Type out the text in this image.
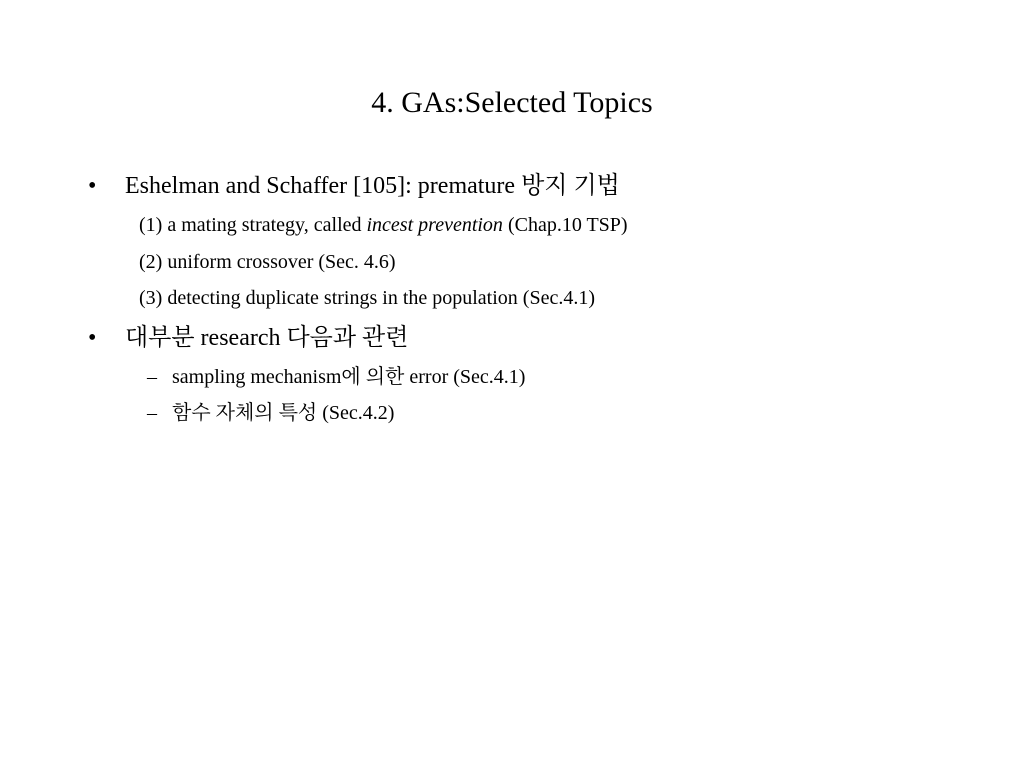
4. GAs:Selected Topics
• Eshelman and Schaffer [105]: premature 방지 기법
(1) a mating strategy, called incest prevention (Chap.10 TSP)
(2) uniform crossover (Sec. 4.6)
(3) detecting duplicate strings in the population (Sec.4.1)
• 대부분 research 다음과 관련
– sampling mechanism에 의한 error (Sec.4.1)
– 함수 자체의 특성 (Sec.4.2)
